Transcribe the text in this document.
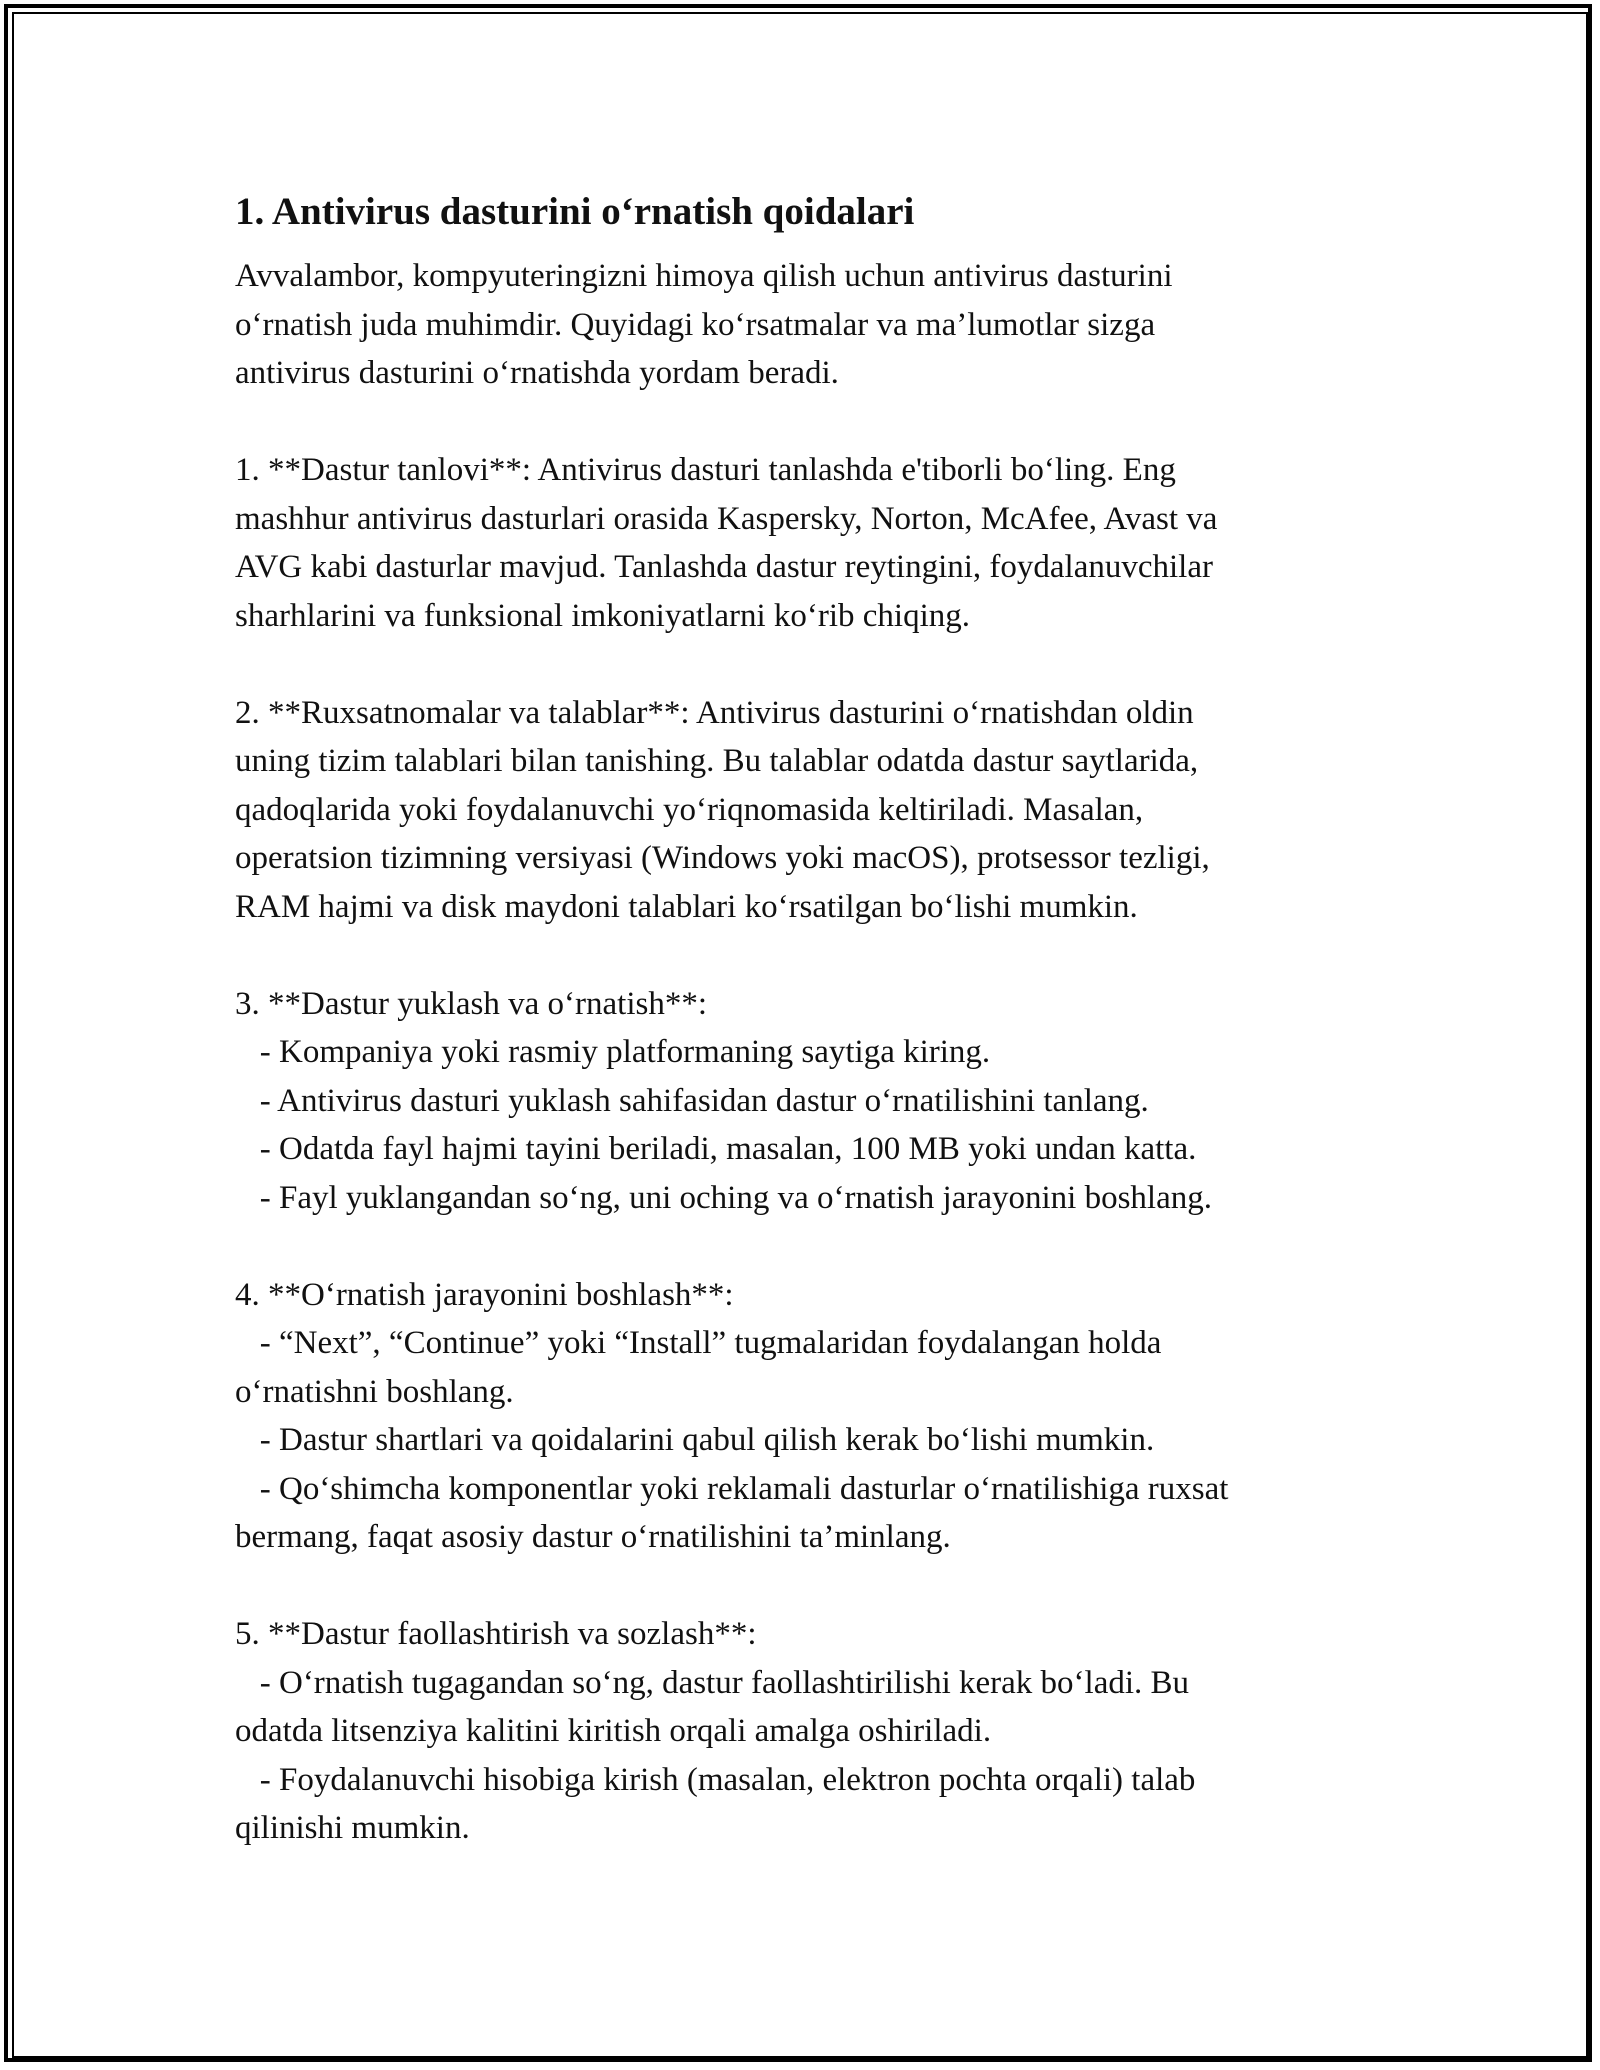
1. Antivirus dasturini o‘rnatish qoidalari
Avvalambor, kompyuteringizni himoya qilish uchun antivirus dasturini
o‘rnatish juda muhimdir. Quyidagi ko‘rsatmalar va ma’lumotlar sizga
antivirus dasturini o‘rnatishda yordam beradi.
1. **Dastur tanlovi**: Antivirus dasturi tanlashda e'tiborli bo‘ling. Eng
mashhur antivirus dasturlari orasida Kaspersky, Norton, McAfee, Avast va
AVG kabi dasturlar mavjud. Tanlashda dastur reytingini, foydalanuvchilar
sharhlarini va funksional imkoniyatlarni ko‘rib chiqing.
2. **Ruxsatnomalar va talablar**: Antivirus dasturini o‘rnatishdan oldin
uning tizim talablari bilan tanishing. Bu talablar odatda dastur saytlarida,
qadoqlarida yoki foydalanuvchi yo‘riqnomasida keltiriladi. Masalan,
operatsion tizimning versiyasi (Windows yoki macOS), protsessor tezligi,
RAM hajmi va disk maydoni talablari ko‘rsatilgan bo‘lishi mumkin.
3. **Dastur yuklash va o‘rnatish**:
- Kompaniya yoki rasmiy platformaning saytiga kiring.
- Antivirus dasturi yuklash sahifasidan dastur o‘rnatilishini tanlang.
- Odatda fayl hajmi tayini beriladi, masalan, 100 MB yoki undan katta.
- Fayl yuklangandan so‘ng, uni oching va o‘rnatish jarayonini boshlang.
4. **O‘rnatish jarayonini boshlash**:
- “Next”, “Continue” yoki “Install” tugmalaridan foydalangan holda
o‘rnatishni boshlang.
- Dastur shartlari va qoidalarini qabul qilish kerak bo‘lishi mumkin.
- Qo‘shimcha komponentlar yoki reklamali dasturlar o‘rnatilishiga ruxsat
bermang, faqat asosiy dastur o‘rnatilishini ta’minlang.
5. **Dastur faollashtirish va sozlash**:
- O‘rnatish tugagandan so‘ng, dastur faollashtirilishi kerak bo‘ladi. Bu
odatda litsenziya kalitini kiritish orqali amalga oshiriladi.
- Foydalanuvchi hisobiga kirish (masalan, elektron pochta orqali) talab
qilinishi mumkin.
